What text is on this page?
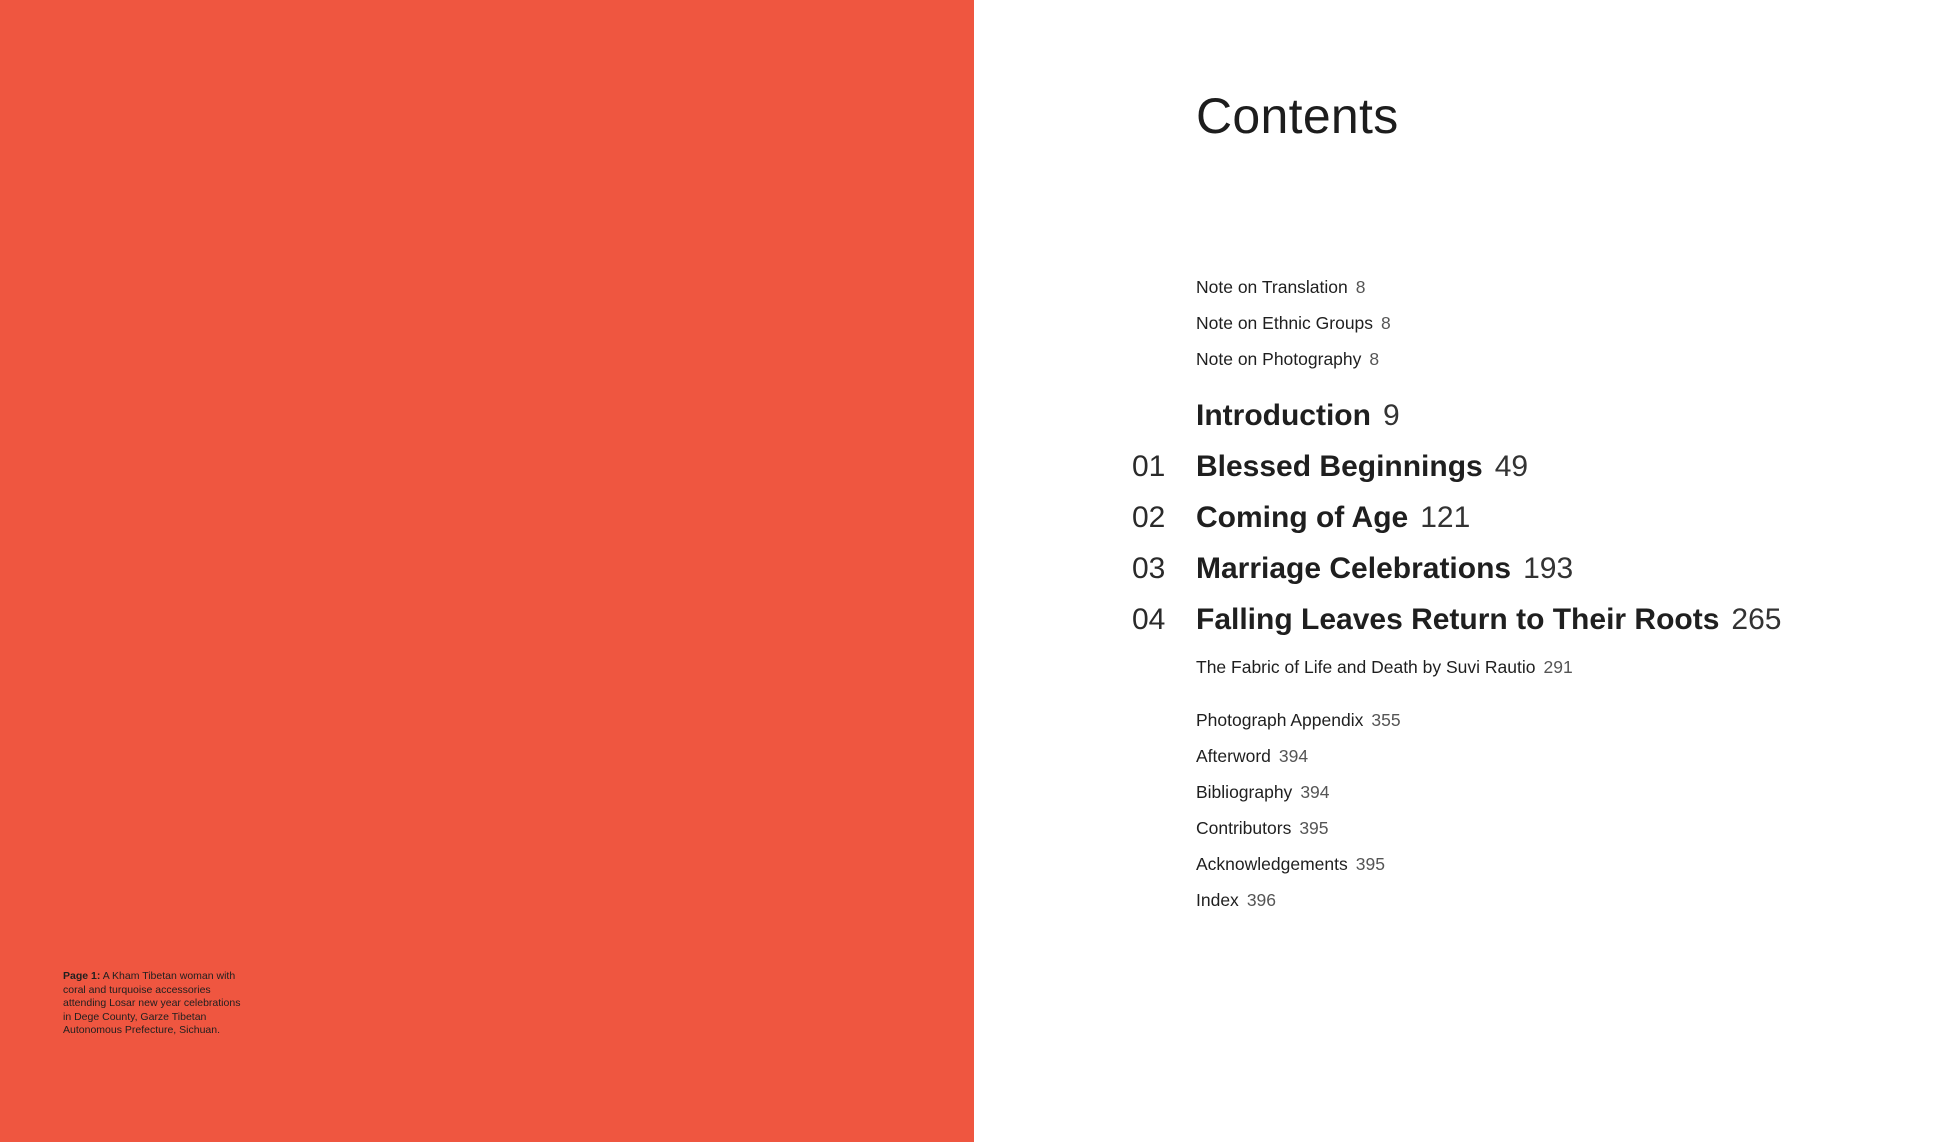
Page 1: A Kham Tibetan woman with coral and turquoise accessories attending Losar new year celebrations in Dege County, Garze Tibetan Autonomous Prefecture, Sichuan.
Contents
Note on Translation 8
Note on Ethnic Groups 8
Note on Photography 8
Introduction 9
01 Blessed Beginnings 49
02 Coming of Age 121
03 Marriage Celebrations 193
04 Falling Leaves Return to Their Roots 265
The Fabric of Life and Death by Suvi Rautio 291
Photograph Appendix 355
Afterword 394
Bibliography 394
Contributors 395
Acknowledgements 395
Index 396
